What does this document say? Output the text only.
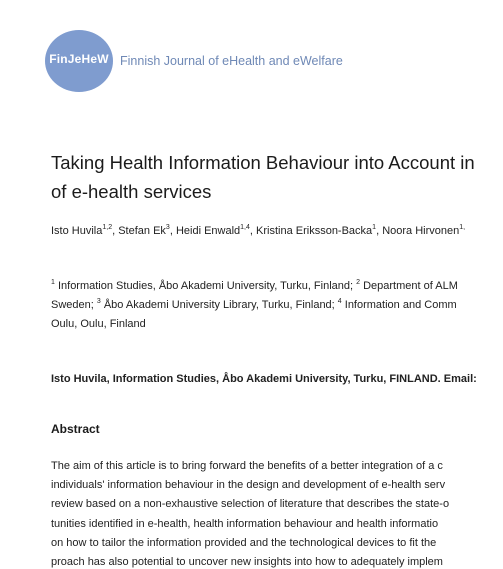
FinJeHeW Finnish Journal of eHealth and eWelfare
Taking Health Information Behaviour into Account in
of e-health services
Isto Huvila$^{1,2}$, Stefan Ek$^3$, Heidi Enwald$^{1,4}$, Kristina Eriksson-Backa$^1$, Noora Hirvonen$^{1,}$
$^1$ Information Studies, Åbo Akademi University, Turku, Finland; $^2$ Department of ALM
Sweden; $^3$ Åbo Akademi University Library, Turku, Finland; $^4$ Information and Comm
Oulu, Oulu, Finland
Isto Huvila, Information Studies, Åbo Akademi University, Turku, FINLAND. Email:
Abstract
The aim of this article is to bring forward the benefits of a better integration of a c
individuals' information behaviour in the design and development of e-health serv
review based on a non-exhaustive selection of literature that describes the state-o
tunities identified in e-health, health information behaviour and health informatio
on how to tailor the information provided and the technological devices to fit the
proach has also potential to uncover new insights into how to adequately implem
